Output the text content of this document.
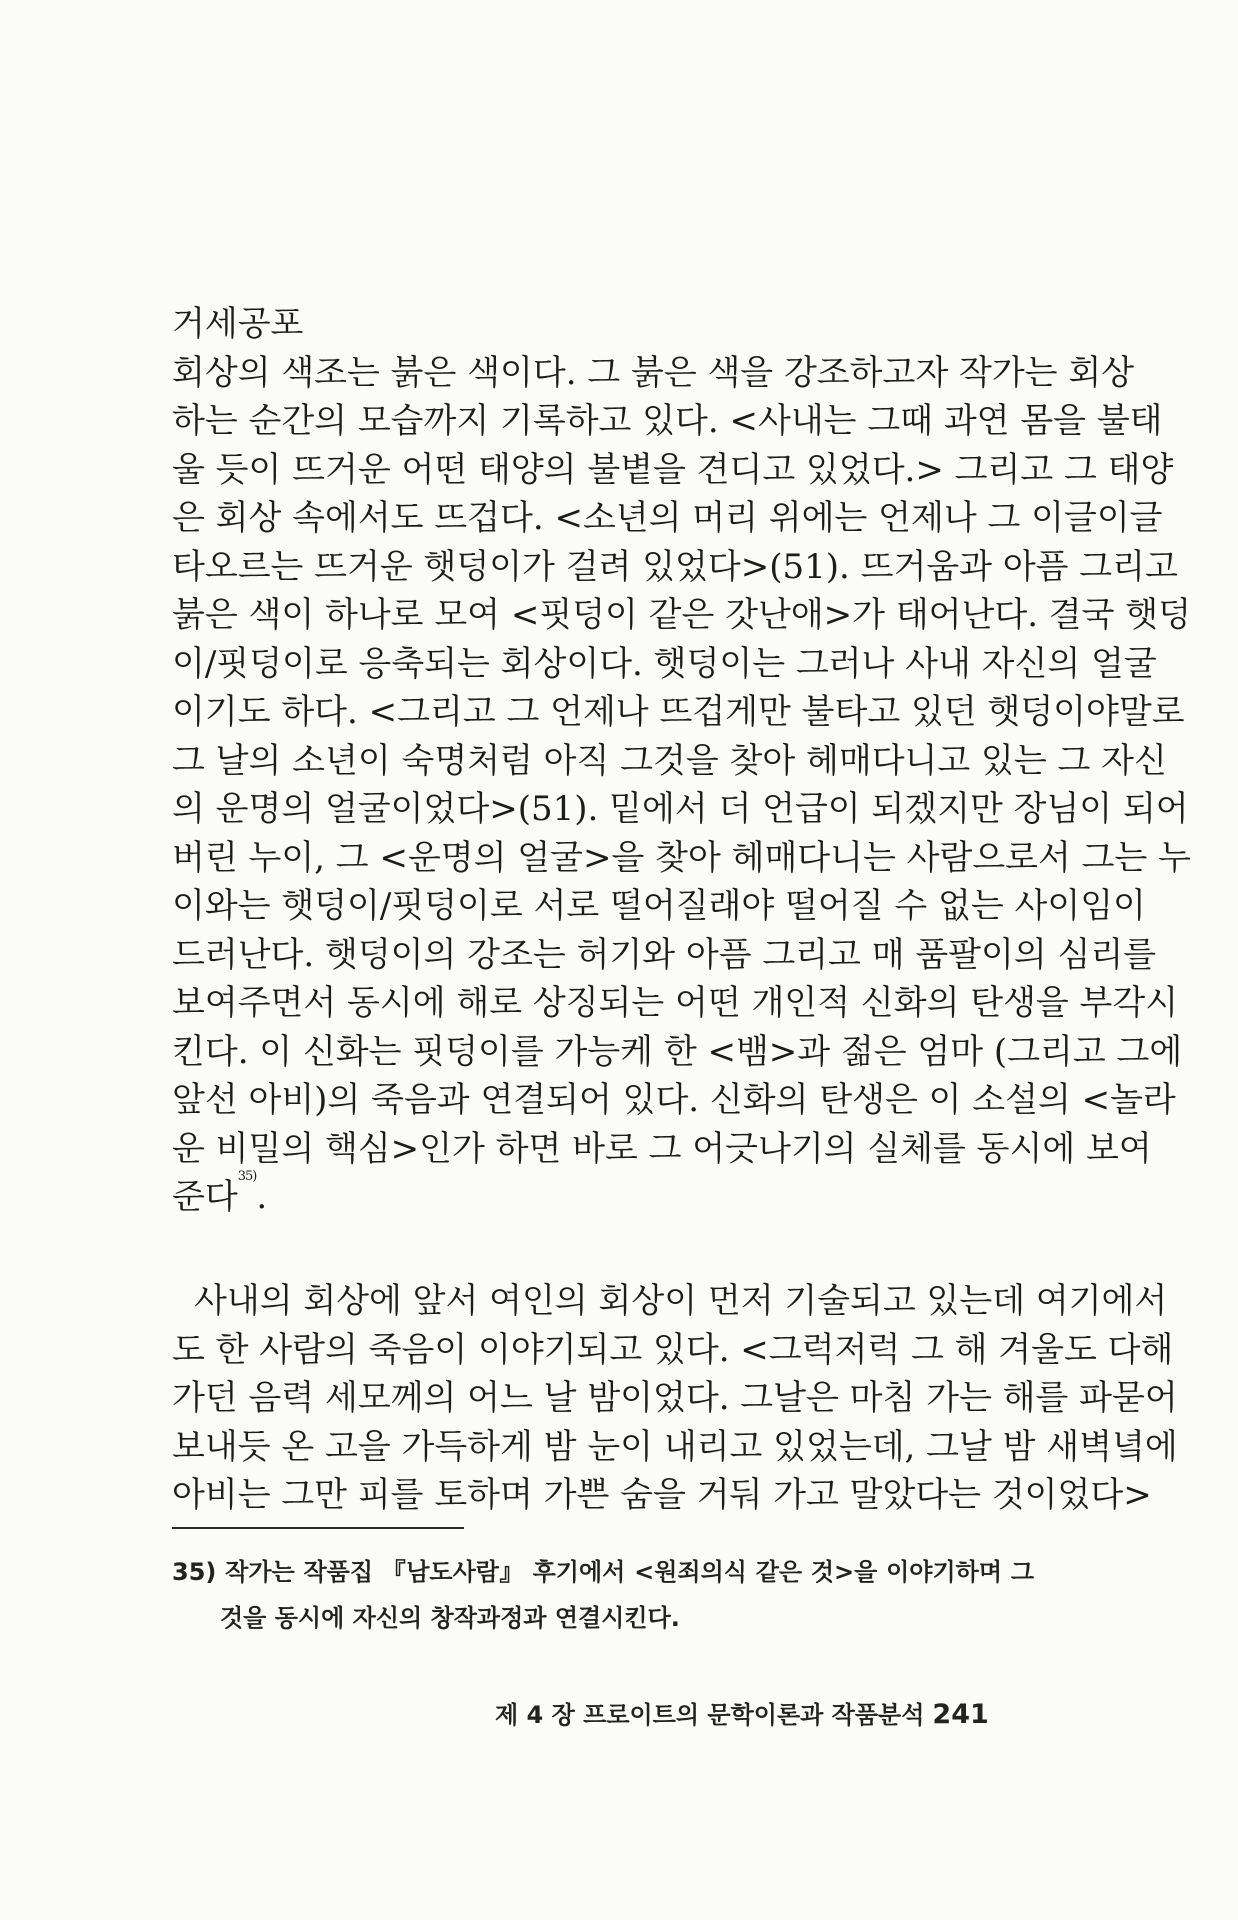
거세공포
회상의 색조는 붉은 색이다. 그 붉은 색을 강조하고자 작가는 회상
하는 순간의 모습까지 기록하고 있다. <사내는 그때 과연 몸을 불태
울 듯이 뜨거운 어떤 태양의 불볕을 견디고 있었다.> 그리고 그 태양
은 회상 속에서도 뜨겁다. <소년의 머리 위에는 언제나 그 이글이글
타오르는 뜨거운 햇덩이가 걸려 있었다>(51). 뜨거움과 아픔 그리고
붉은 색이 하나로 모여 <핏덩이 같은 갓난애>가 태어난다. 결국 햇덩
이/핏덩이로 응축되는 회상이다. 햇덩이는 그러나 사내 자신의 얼굴
이기도 하다. <그리고 그 언제나 뜨겁게만 불타고 있던 햇덩이야말로
그 날의 소년이 숙명처럼 아직 그것을 찾아 헤매다니고 있는 그 자신
의 운명의 얼굴이었다>(51). 밑에서 더 언급이 되겠지만 장님이 되어
버린 누이, 그 <운명의 얼굴>을 찾아 헤매다니는 사람으로서 그는 누
이와는 햇덩이/핏덩이로 서로 떨어질래야 떨어질 수 없는 사이임이
드러난다. 햇덩이의 강조는 허기와 아픔 그리고 매 품팔이의 심리를
보여주면서 동시에 해로 상징되는 어떤 개인적 신화의 탄생을 부각시
킨다. 이 신화는 핏덩이를 가능케 한 <뱀>과 젊은 엄마 (그리고 그에
앞선 아비)의 죽음과 연결되어 있다. 신화의 탄생은 이 소설의 <놀라
운 비밀의 핵심>인가 하면 바로 그 어긋나기의 실체를 동시에 보여
준다$^{35)}$.
사내의 회상에 앞서 여인의 회상이 먼저 기술되고 있는데 여기에서
도 한 사람의 죽음이 이야기되고 있다. <그럭저럭 그 해 겨울도 다해
가던 음력 세모께의 어느 날 밤이었다. 그날은 마침 가는 해를 파묻어
보내듯 온 고을 가득하게 밤 눈이 내리고 있었는데, 그날 밤 새벽녘에
아비는 그만 피를 토하며 가쁜 숨을 거둬 가고 말았다는 것이었다>
35) 작가는 작품집 『남도사람』 후기에서 <원죄의식 같은 것>을 이야기하며 그
것을 동시에 자신의 창작과정과 연결시킨다.
제 4 장 프로이트의 문학이론과 작품분석 241
